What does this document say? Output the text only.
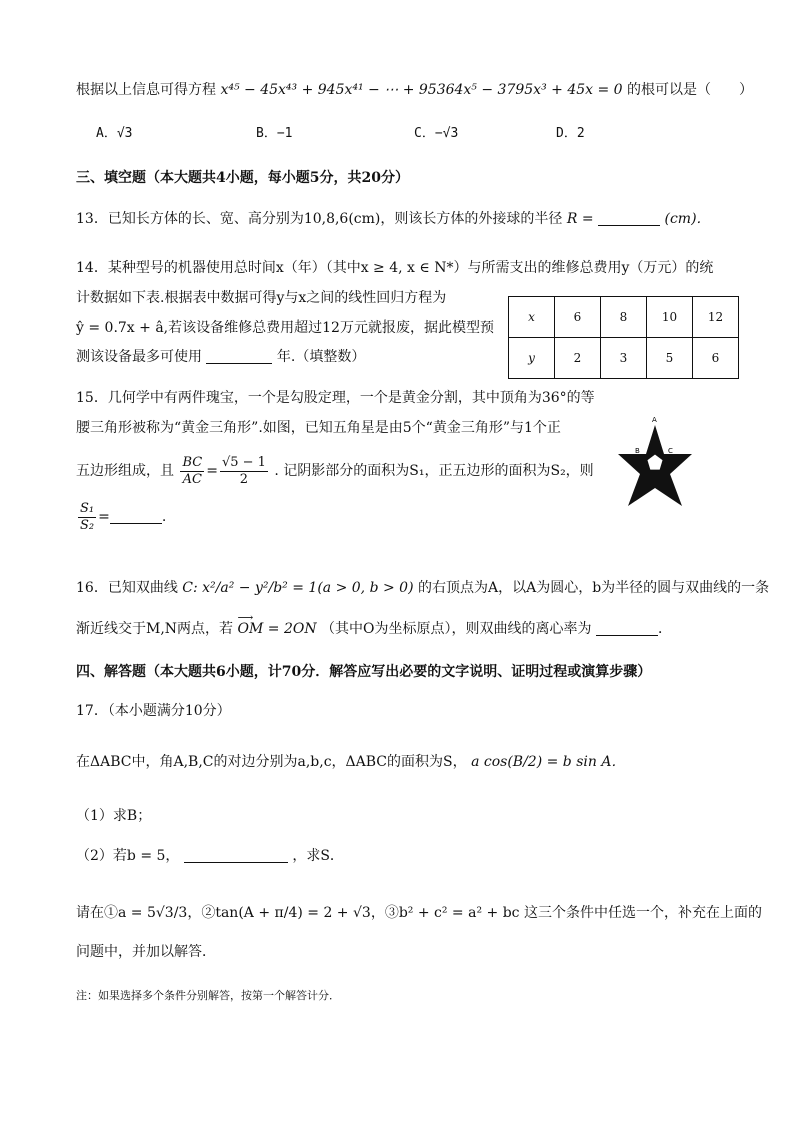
根据以上信息可得方程 x⁴⁵ − 45x⁴³ + 945x⁴¹ − ⋯ + 95364x⁵ − 3795x³ + 45x = 0 的根可以是（　　）
A．√3	B．−1	C．−√3	D．2
三、填空题（本大题共4小题，每小题5分，共20分）
13．已知长方体的长、宽、高分别为10,8,6(cm)，则该长方体的外接球的半径 R =	(cm)．
14．某种型号的机器使用总时间x（年）（其中x ≥ 4, x ∈ N*）与所需支出的维修总费用y（万元）的统
计数据如下表.根据表中数据可得y与x之间的线性回归方程为
ŷ = 0.7x + â,若该设备维修总费用超过12万元就报废，据此模型预
测该设备最多可使用	年.（填整数）
x	6	8	10	12
y	2	3	5	6
15．几何学中有两件瑰宝，一个是勾股定理，一个是黄金分割，其中顶角为36°的等
腰三角形被称为“黄金三角形”.如图，已知五角星是由5个“黄金三角形”与1个正
五边形组成，且 $\frac{BC}{AC} = \frac{√5 - 1}{2}$ . 记阴影部分的面积为S₁，正五边形的面积为S₂，则
$\frac{\text{S₁}}{\text{S₂}}$ =	.
A
B	C
16．已知双曲线 C: x²/a² − y²/b² = 1(a > 0, b > 0) 的右顶点为A，以A为圆心，b为半径的圆与双曲线的一条
渐近线交于M,N两点，若 ⟶ OM = 2ON （其中O为坐标原点），则双曲线的离心率为	．
四、解答题（本大题共6小题，计70分．解答应写出必要的文字说明、证明过程或演算步骤）
17．（本小题满分10分）
在ΔABC中，角A,B,C的对边分别为a,b,c，ΔABC的面积为S， a cos(B/2) = b sin A．
（1）求B；
（2）若b = 5，	，求S．
请在①a = 5√3/3，②tan(A + π/4) = 2 + √3，③b² + c² = a² + bc 这三个条件中任选一个，补充在上面的
问题中，并加以解答．
注：如果选择多个条件分别解答，按第一个解答计分．
